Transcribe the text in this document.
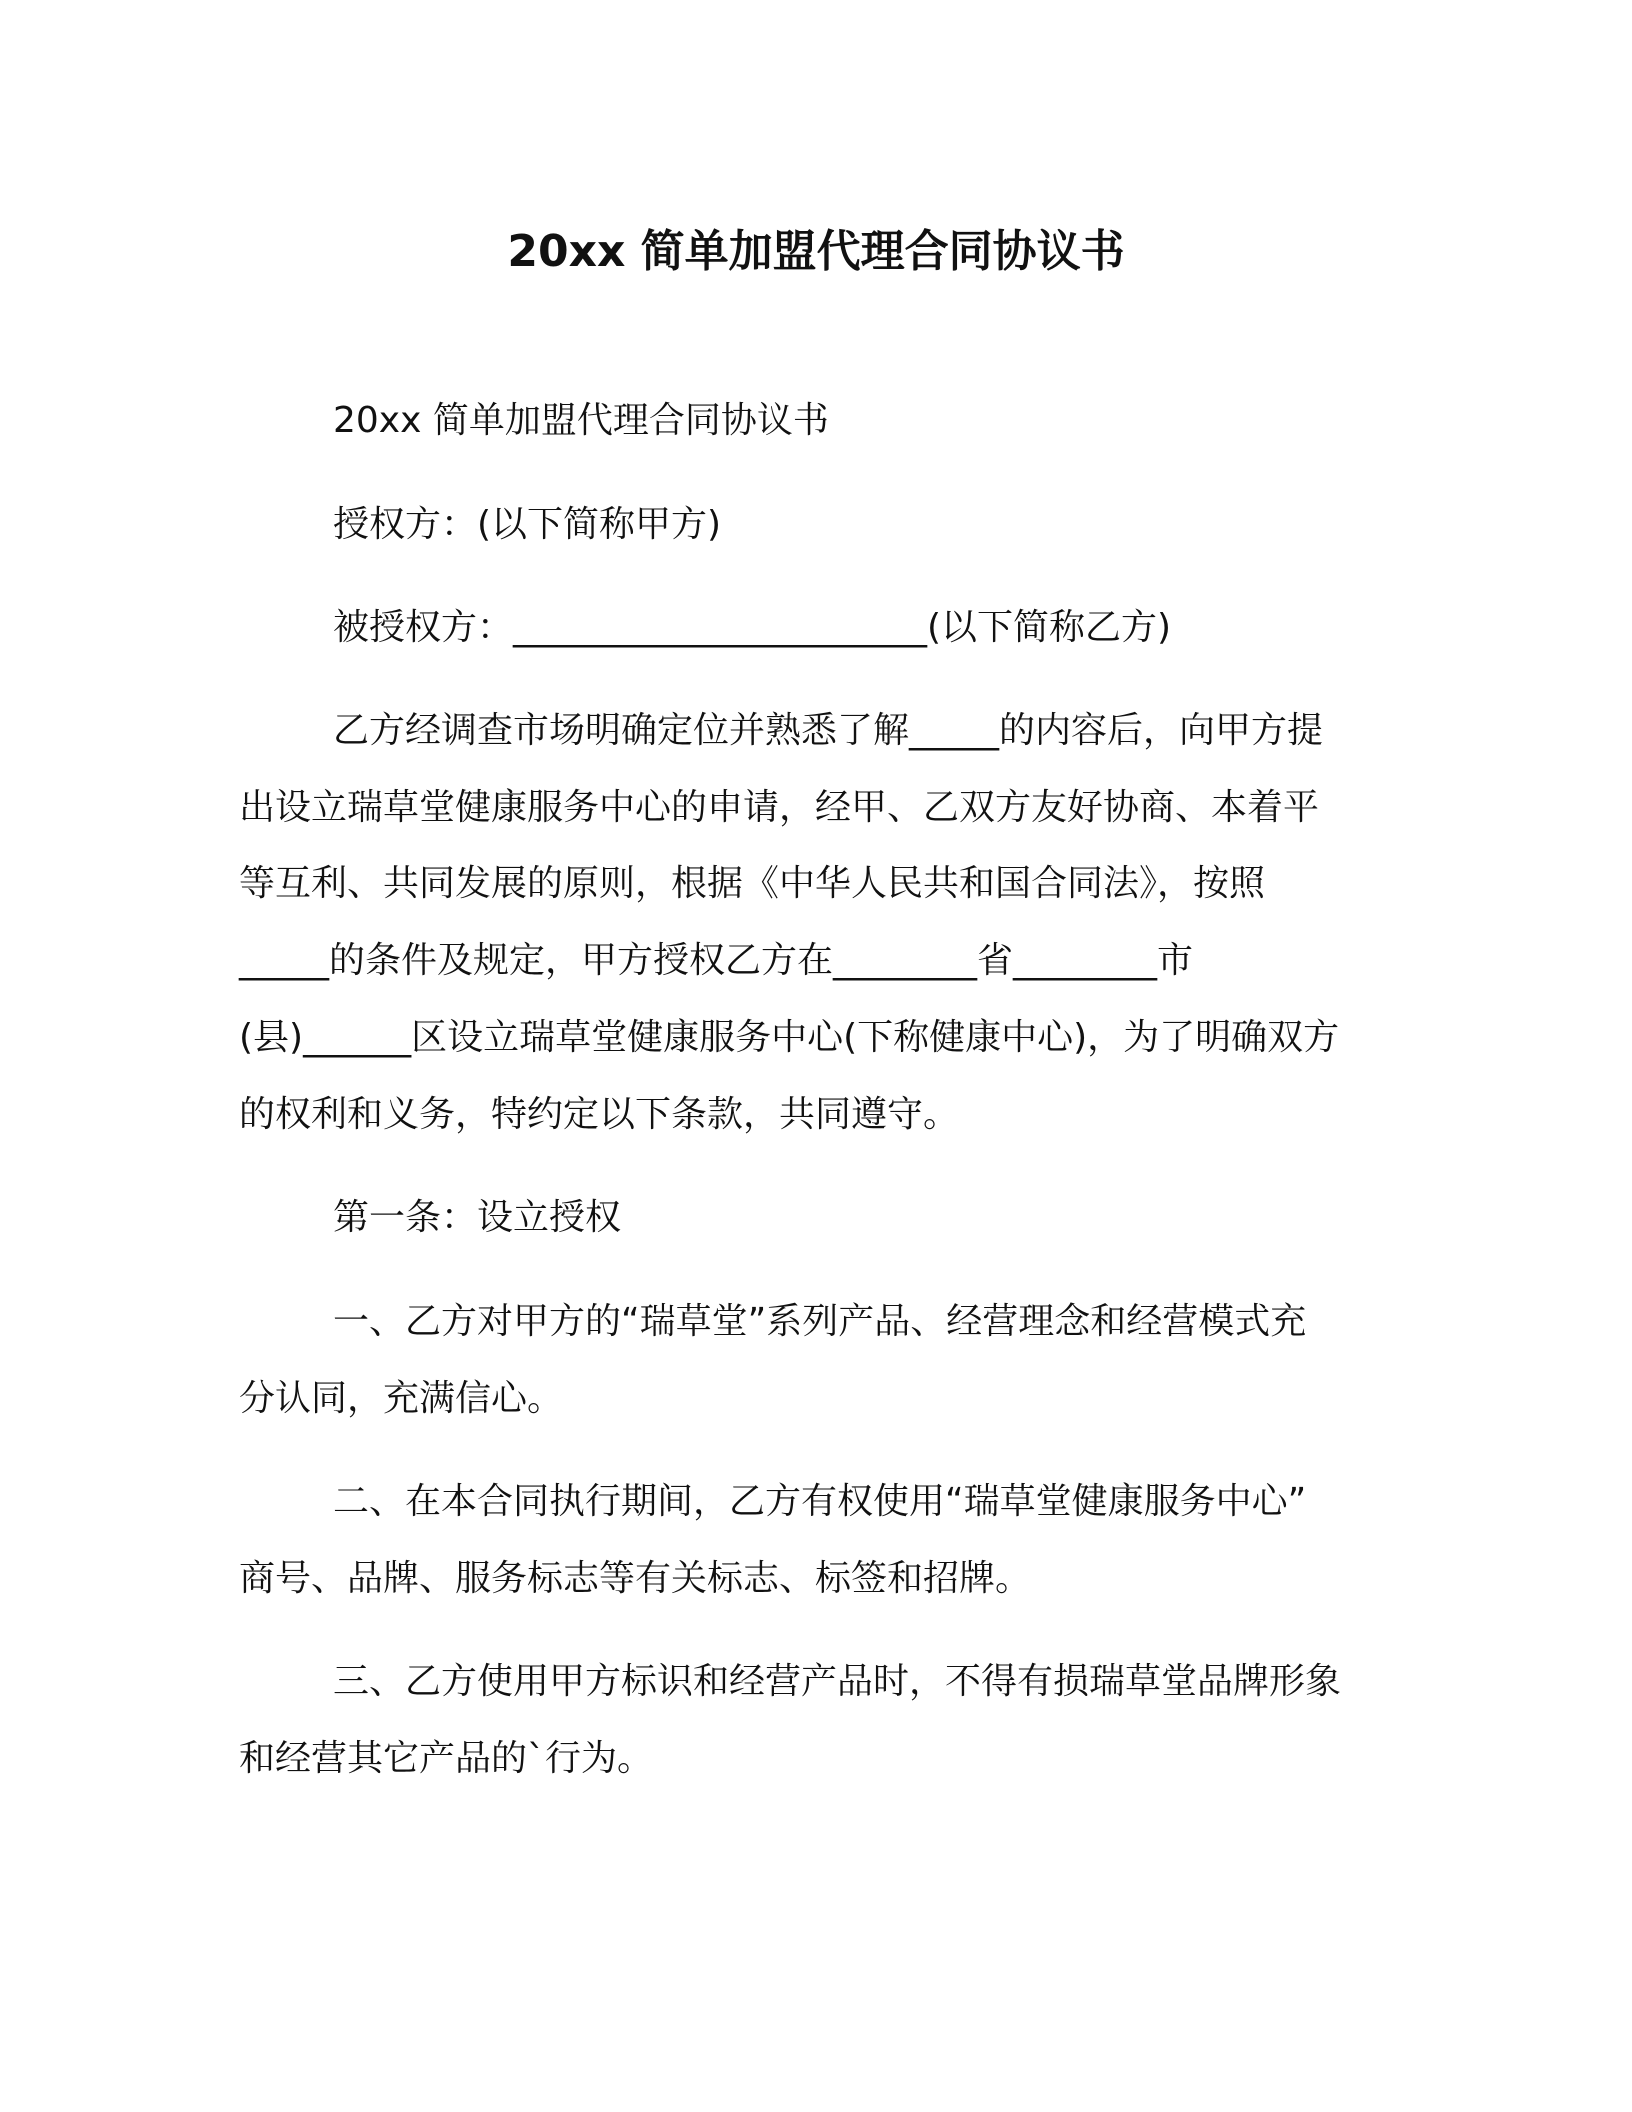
20xx 简单加盟代理合同协议书
20xx 简单加盟代理合同协议书
授权方：(以下简称甲方)
被授权方：_______________________(以下简称乙方)
乙方经调查市场明确定位并熟悉了解_____的内容后，向甲方提
出设立瑞草堂健康服务中心的申请，经甲、乙双方友好协商、本着平
等互利、共同发展的原则，根据《中华人民共和国合同法》，按照
_____的条件及规定，甲方授权乙方在________省________市
(县)______区设立瑞草堂健康服务中心(下称健康中心)，为了明确双方
的权利和义务，特约定以下条款，共同遵守。
第一条：设立授权
一、乙方对甲方的“瑞草堂”系列产品、经营理念和经营模式充
分认同，充满信心。
二、在本合同执行期间，乙方有权使用“瑞草堂健康服务中心”
商号、品牌、服务标志等有关标志、标签和招牌。
三、乙方使用甲方标识和经营产品时，不得有损瑞草堂品牌形象
和经营其它产品的`行为。
